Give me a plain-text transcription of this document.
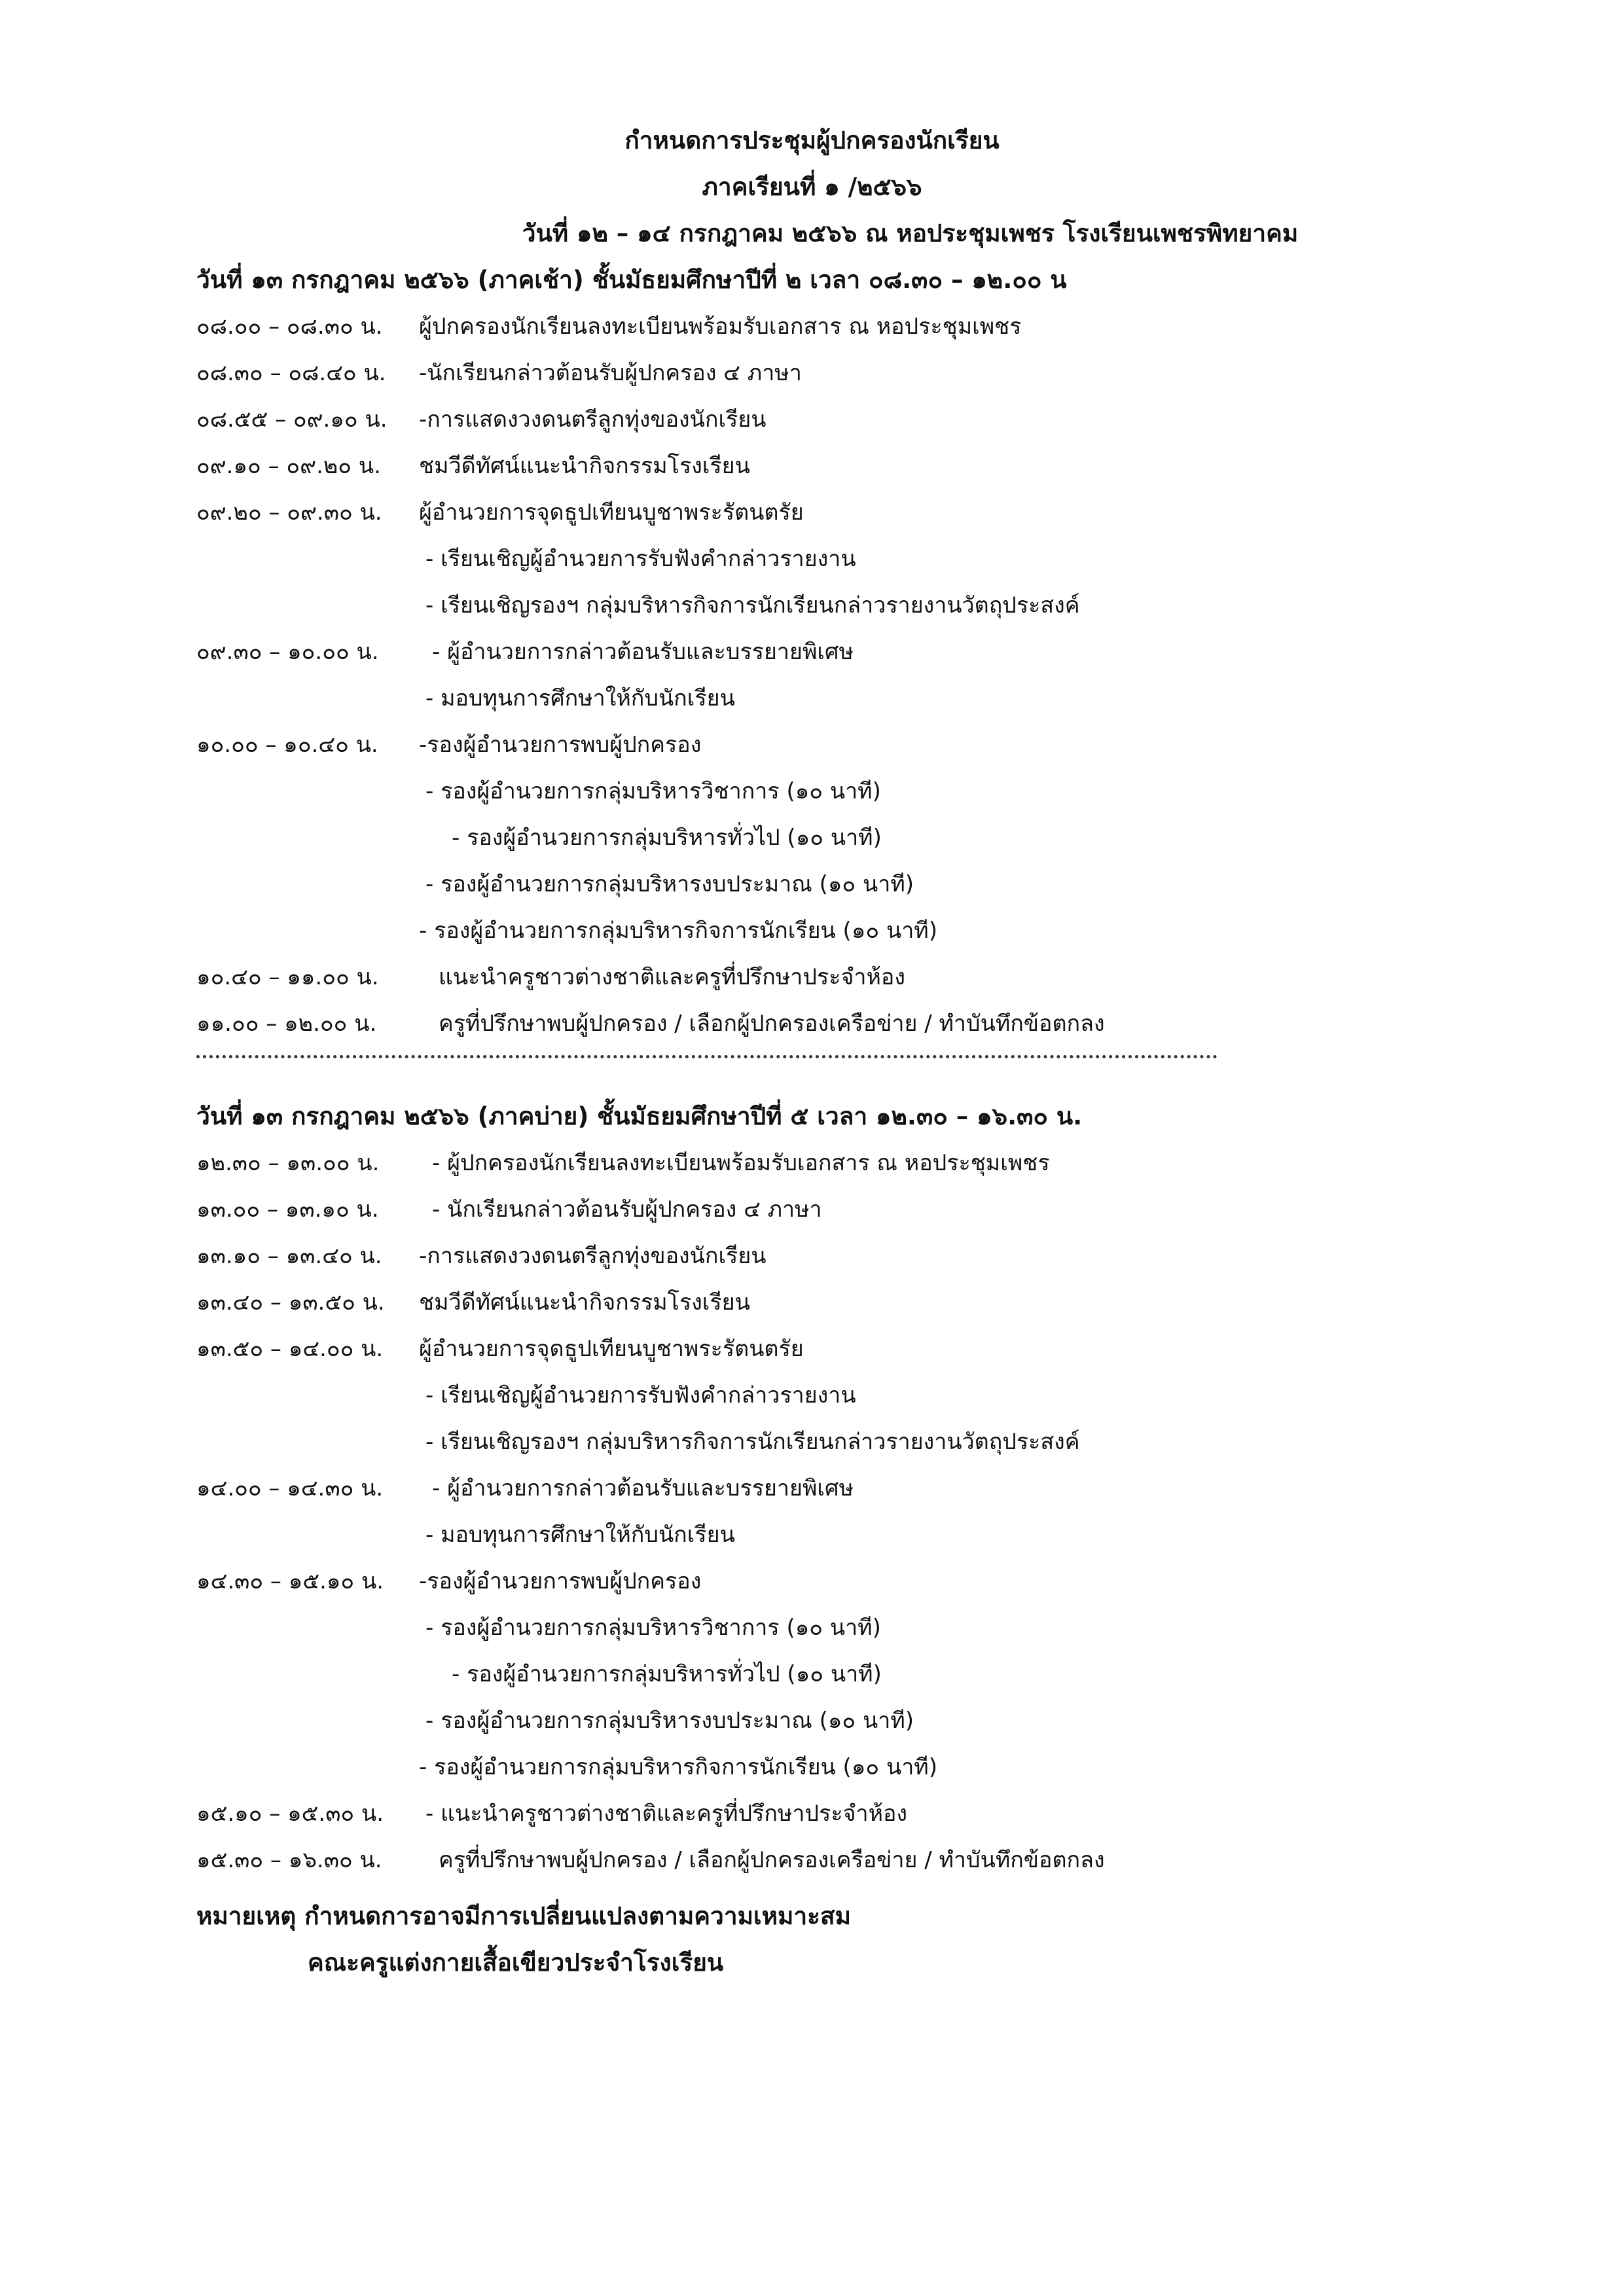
กำหนดการประชุมผู้ปกครองนักเรียน
ภาคเรียนที่ ๑ /๒๕๖๖
วันที่ ๑๒ – ๑๔ กรกฎาคม ๒๕๖๖ ณ หอประชุมเพชร โรงเรียนเพชรพิทยาคม
วันที่ ๑๓ กรกฎาคม ๒๕๖๖ (ภาคเช้า) ชั้นมัธยมศึกษาปีที่ ๒ เวลา ๐๘.๓๐ – ๑๒.๐๐ น
๐๘.๐๐ – ๐๘.๓๐ น. ผู้ปกครองนักเรียนลงทะเบียนพร้อมรับเอกสาร ณ หอประชุมเพชร
๐๘.๓๐ – ๐๘.๔๐ น. -นักเรียนกล่าวต้อนรับผู้ปกครอง ๔ ภาษา
๐๘.๕๕ – ๐๙.๑๐ น. -การแสดงวงดนตรีลูกทุ่งของนักเรียน
๐๙.๑๐ – ๐๙.๒๐ น. ชมวีดีทัศน์แนะนำกิจกรรมโรงเรียน
๐๙.๒๐ – ๐๙.๓๐ น. ผู้อำนวยการจุดธูปเทียนบูชาพระรัตนตรัย
- เรียนเชิญผู้อำนวยการรับฟังคำกล่าวรายงาน
- เรียนเชิญรองฯ กลุ่มบริหารกิจการนักเรียนกล่าวรายงานวัตถุประสงค์
๐๙.๓๐ – ๑๐.๐๐ น. - ผู้อำนวยการกล่าวต้อนรับและบรรยายพิเศษ
- มอบทุนการศึกษาให้กับนักเรียน
๑๐.๐๐ – ๑๐.๔๐ น. -รองผู้อำนวยการพบผู้ปกครอง
- รองผู้อำนวยการกลุ่มบริหารวิชาการ (๑๐ นาที)
- รองผู้อำนวยการกลุ่มบริหารทั่วไป (๑๐ นาที)
- รองผู้อำนวยการกลุ่มบริหารงบประมาณ (๑๐ นาที)
- รองผู้อำนวยการกลุ่มบริหารกิจการนักเรียน (๑๐ นาที)
๑๐.๔๐ – ๑๑.๐๐ น.	แนะนำครูชาวต่างชาติและครูที่ปรึกษาประจำห้อง
๑๑.๐๐ – ๑๒.๐๐ น.	ครูที่ปรึกษาพบผู้ปกครอง / เลือกผู้ปกครองเครือข่าย / ทำบันทึกข้อตกลง
วันที่ ๑๓ กรกฎาคม ๒๕๖๖ (ภาคบ่าย) ชั้นมัธยมศึกษาปีที่ ๕ เวลา ๑๒.๓๐ – ๑๖.๓๐ น.
๑๒.๓๐ – ๑๓.๐๐ น. - ผู้ปกครองนักเรียนลงทะเบียนพร้อมรับเอกสาร ณ หอประชุมเพชร
๑๓.๐๐ – ๑๓.๑๐ น. - นักเรียนกล่าวต้อนรับผู้ปกครอง ๔ ภาษา
๑๓.๑๐ – ๑๓.๔๐ น. -การแสดงวงดนตรีลูกทุ่งของนักเรียน
๑๓.๔๐ – ๑๓.๕๐ น. ชมวีดีทัศน์แนะนำกิจกรรมโรงเรียน
๑๓.๕๐ – ๑๔.๐๐ น. ผู้อำนวยการจุดธูปเทียนบูชาพระรัตนตรัย
- เรียนเชิญผู้อำนวยการรับฟังคำกล่าวรายงาน
- เรียนเชิญรองฯ กลุ่มบริหารกิจการนักเรียนกล่าวรายงานวัตถุประสงค์
๑๔.๐๐ – ๑๔.๓๐ น. - ผู้อำนวยการกล่าวต้อนรับและบรรยายพิเศษ
- มอบทุนการศึกษาให้กับนักเรียน
๑๔.๓๐ – ๑๕.๑๐ น. -รองผู้อำนวยการพบผู้ปกครอง
- รองผู้อำนวยการกลุ่มบริหารวิชาการ (๑๐ นาที)
- รองผู้อำนวยการกลุ่มบริหารทั่วไป (๑๐ นาที)
- รองผู้อำนวยการกลุ่มบริหารงบประมาณ (๑๐ นาที)
- รองผู้อำนวยการกลุ่มบริหารกิจการนักเรียน (๑๐ นาที)
๑๕.๑๐ – ๑๕.๓๐ น. - แนะนำครูชาวต่างชาติและครูที่ปรึกษาประจำห้อง
๑๕.๓๐ – ๑๖.๓๐ น.	ครูที่ปรึกษาพบผู้ปกครอง / เลือกผู้ปกครองเครือข่าย / ทำบันทึกข้อตกลง
หมายเหตุ กำหนดการอาจมีการเปลี่ยนแปลงตามความเหมาะสม
คณะครูแต่งกายเสื้อเขียวประจำโรงเรียน
